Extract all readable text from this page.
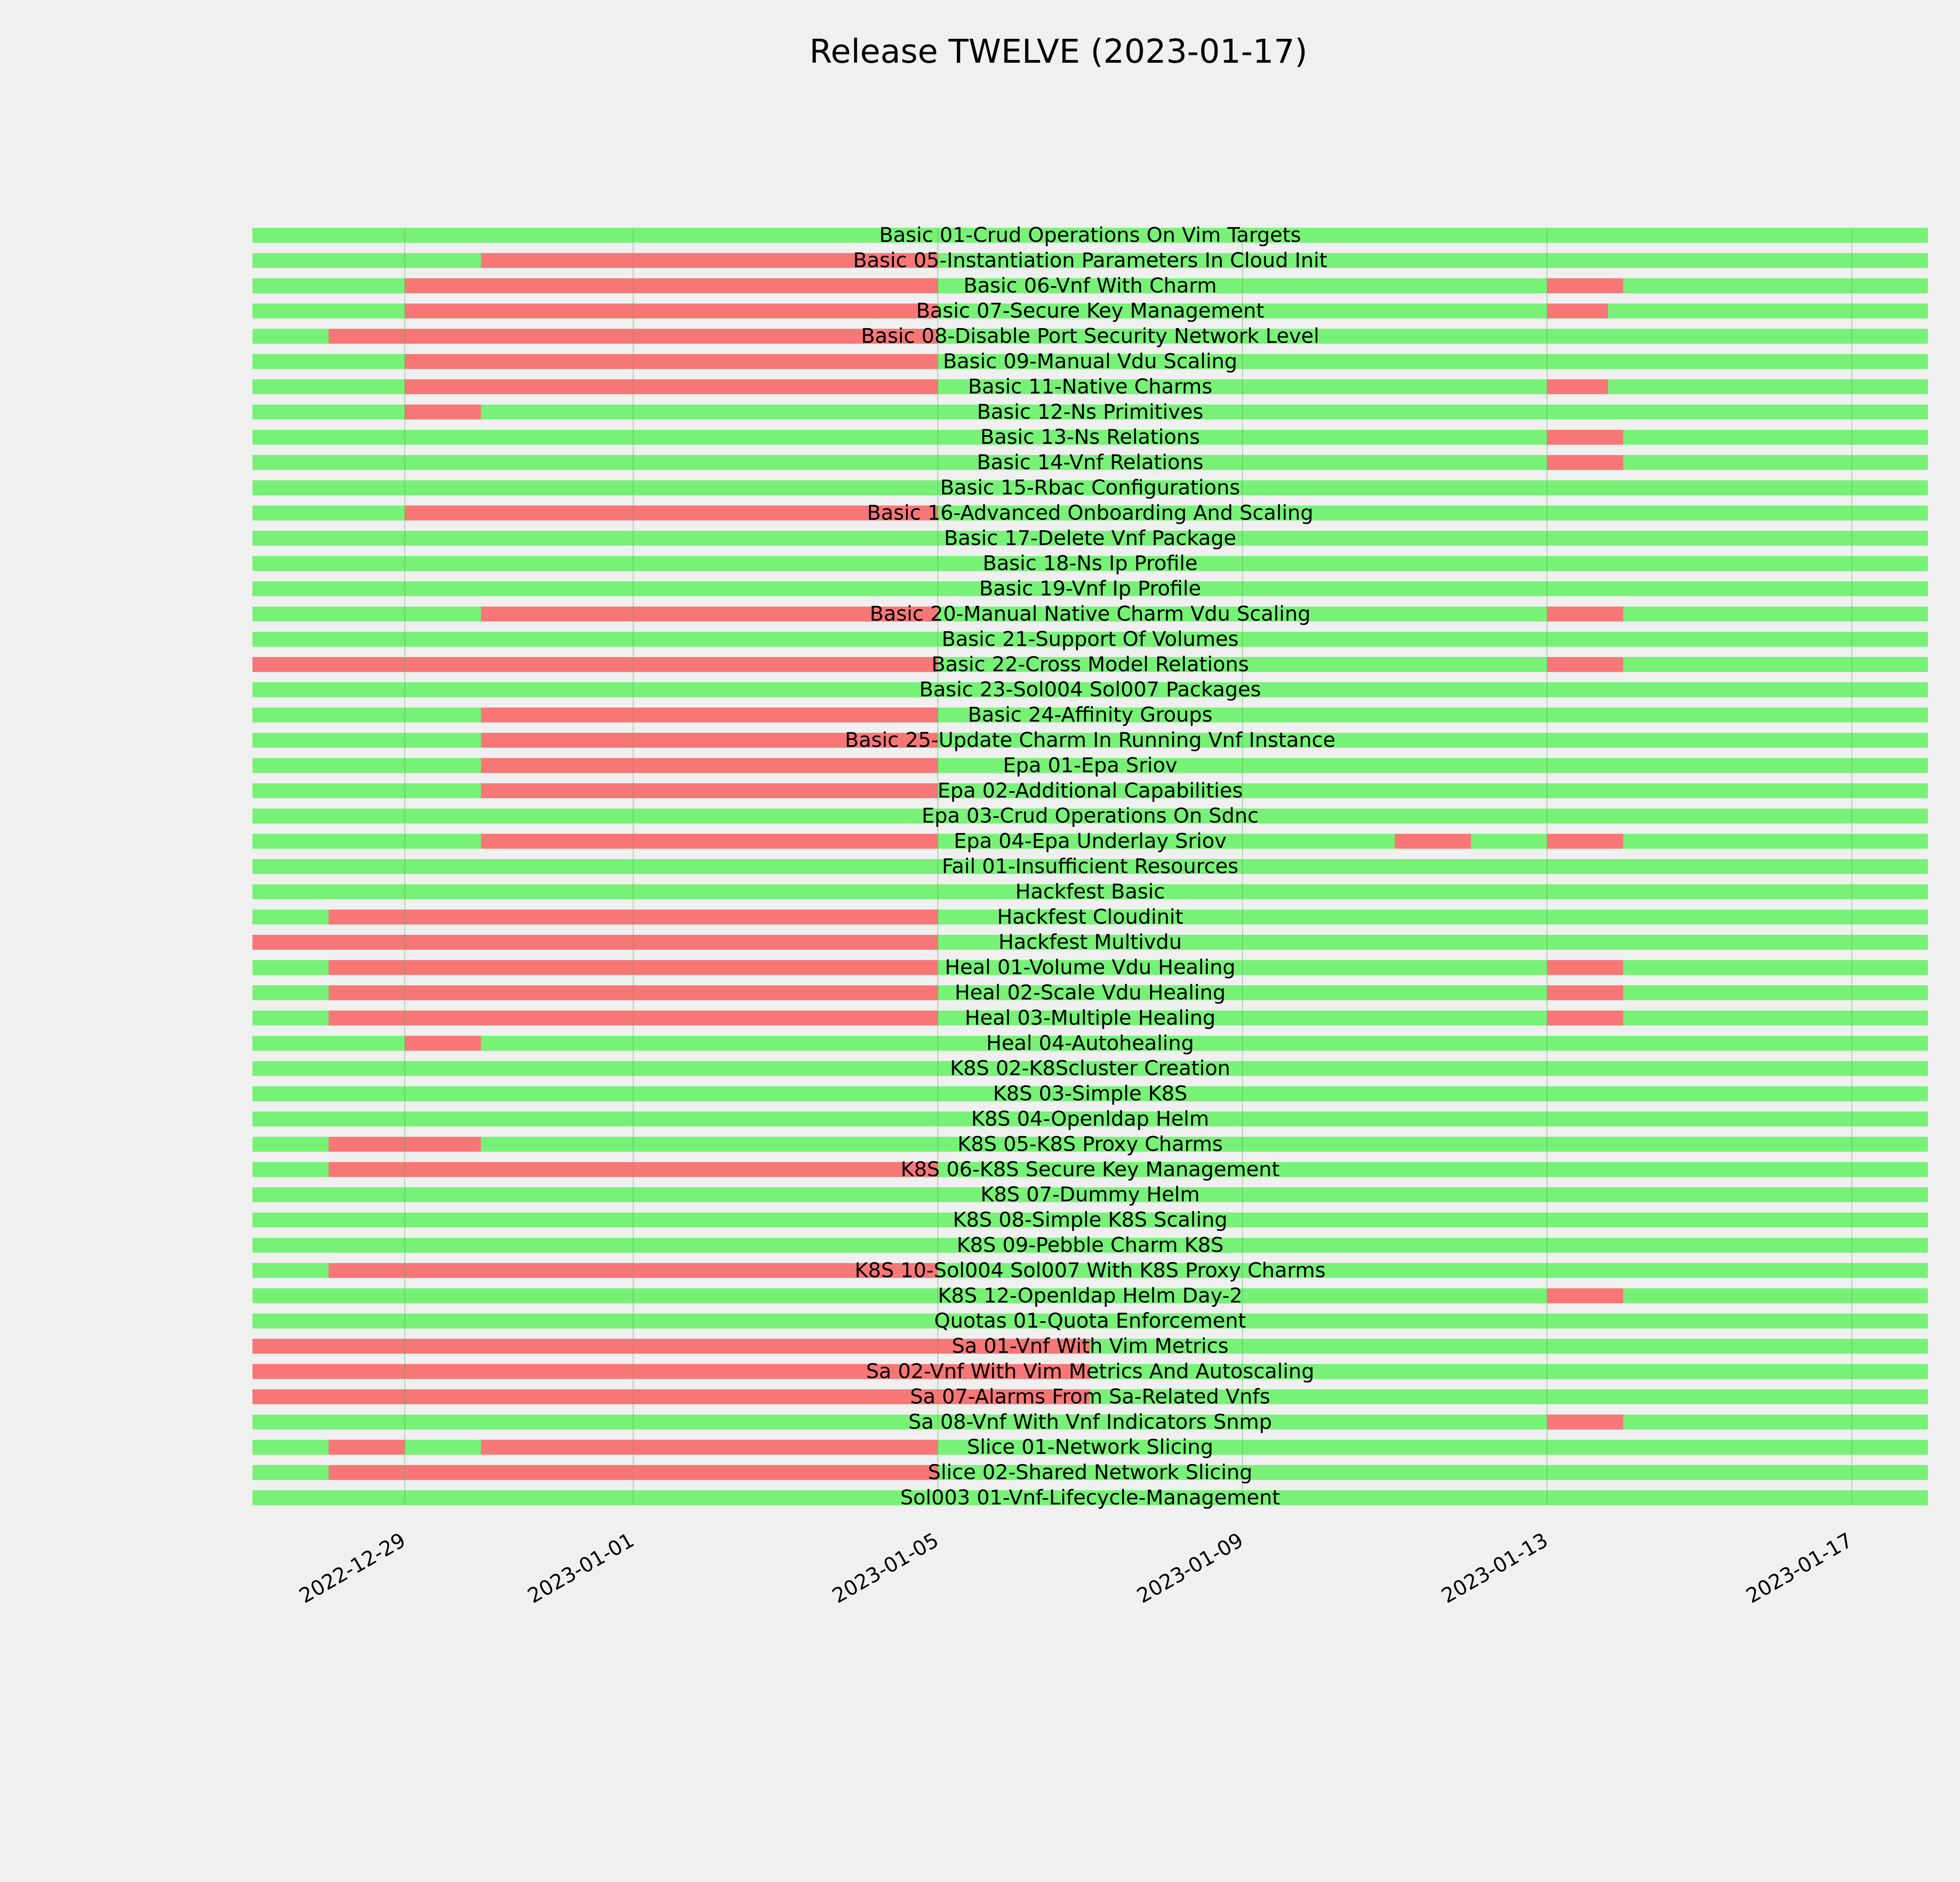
Release TWELVE (2023-01-17)
Basic 01-Crud Operations On Vim Targets
Basic 05-Instantiation Parameters In Cloud Init
Basic 06-Vnf With Charm
Basic 07-Secure Key Management
Basic 08-Disable Port Security Network Level
Basic 09-Manual Vdu Scaling
Basic 11-Native Charms
Basic 12-Ns Primitives
Basic 13-Ns Relations
Basic 14-Vnf Relations
Basic 15-Rbac Configurations
Basic 16-Advanced Onboarding And Scaling
Basic 17-Delete Vnf Package
Basic 18-Ns Ip Profile
Basic 19-Vnf Ip Profile
Basic 20-Manual Native Charm Vdu Scaling
Basic 21-Support Of Volumes
Basic 22-Cross Model Relations
Basic 23-Sol004 Sol007 Packages
Basic 24-Affinity Groups
Basic 25-Update Charm In Running Vnf Instance
Epa 01-Epa Sriov
Epa 02-Additional Capabilities
Epa 03-Crud Operations On Sdnc
Epa 04-Epa Underlay Sriov
Fail 01-Insufficient Resources
Hackfest Basic
Hackfest Cloudinit
Hackfest Multivdu
Heal 01-Volume Vdu Healing
Heal 02-Scale Vdu Healing
Heal 03-Multiple Healing
Heal 04-Autohealing
K8S 02-K8Scluster Creation
K8S 03-Simple K8S
K8S 04-Openldap Helm
K8S 05-K8S Proxy Charms
K8S 06-K8S Secure Key Management
K8S 07-Dummy Helm
K8S 08-Simple K8S Scaling
K8S 09-Pebble Charm K8S
K8S 10-Sol004 Sol007 With K8S Proxy Charms
K8S 12-Openldap Helm Day-2
Quotas 01-Quota Enforcement
Sa 01-Vnf With Vim Metrics
Sa 02-Vnf With Vim Metrics And Autoscaling
Sa 07-Alarms From Sa-Related Vnfs
Sa 08-Vnf With Vnf Indicators Snmp
Slice 01-Network Slicing
Slice 02-Shared Network Slicing
Sol003 01-Vnf-Lifecycle-Management
2022-12-29	2023-01-01	2023-01-05	2023-01-09	2023-01-13	2023-01-17
